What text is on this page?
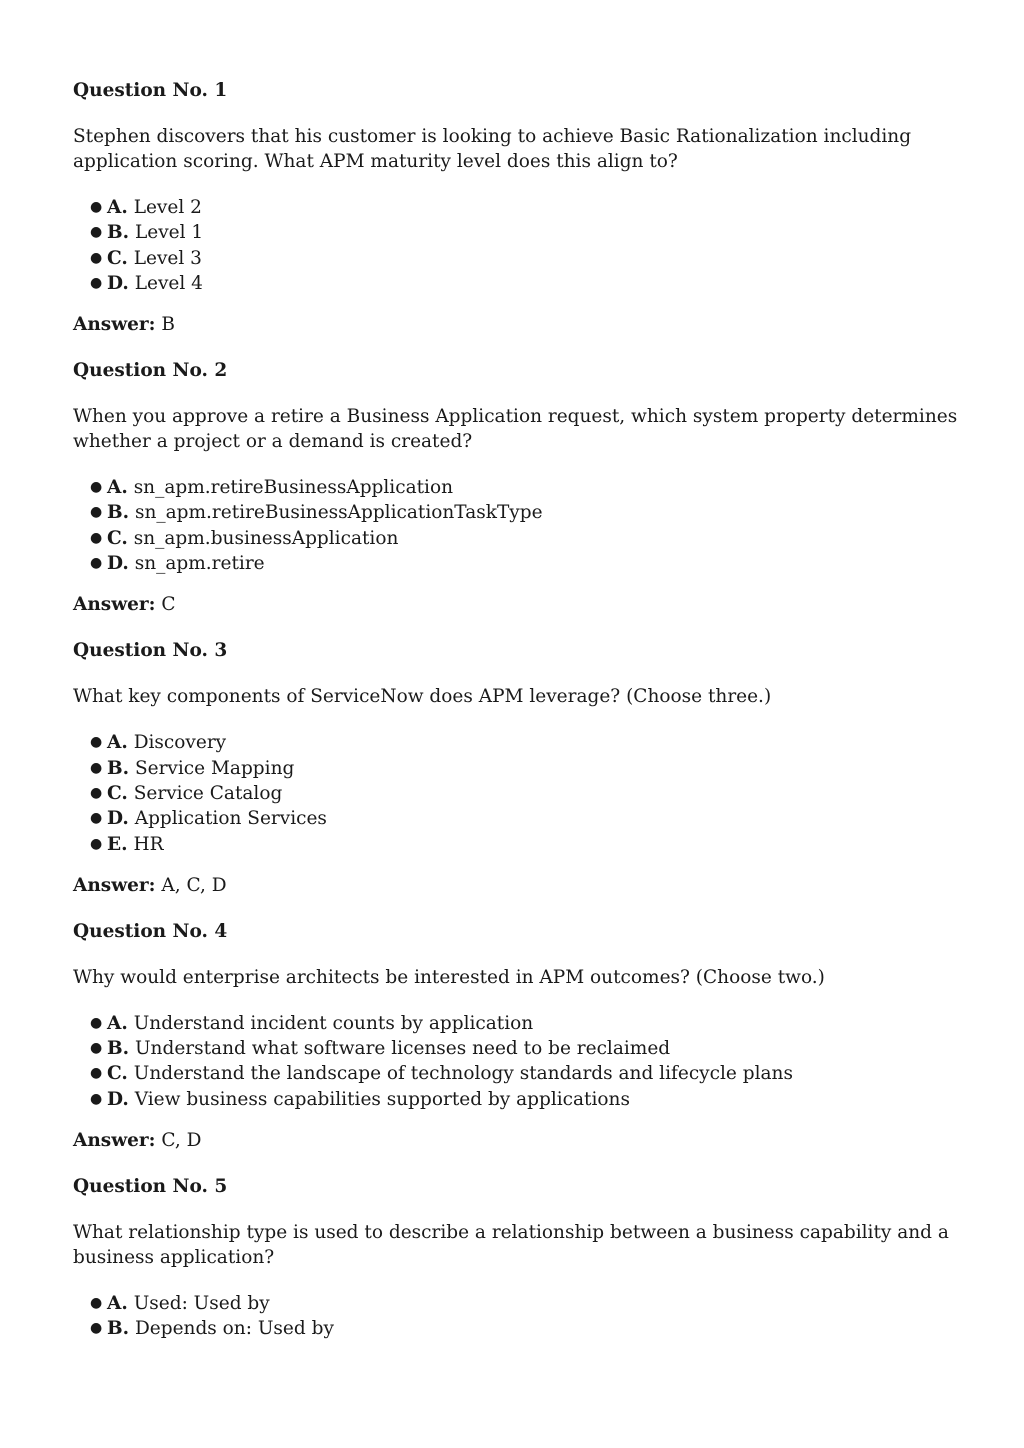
Question No. 1

Stephen discovers that his customer is looking to achieve Basic Rationalization including application scoring. What APM maturity level does this align to?

● A. Level 2
● B. Level 1
● C. Level 3
● D. Level 4

Answer: B

Question No. 2

When you approve a retire a Business Application request, which system property determines whether a project or a demand is created?

● A. sn_apm.retireBusinessApplication
● B. sn_apm.retireBusinessApplicationTaskType
● C. sn_apm.businessApplication
● D. sn_apm.retire

Answer: C

Question No. 3

What key components of ServiceNow does APM leverage? (Choose three.)

● A. Discovery
● B. Service Mapping
● C. Service Catalog
● D. Application Services
● E. HR

Answer: A, C, D

Question No. 4

Why would enterprise architects be interested in APM outcomes? (Choose two.)

● A. Understand incident counts by application
● B. Understand what software licenses need to be reclaimed
● C. Understand the landscape of technology standards and lifecycle plans
● D. View business capabilities supported by applications

Answer: C, D

Question No. 5

What relationship type is used to describe a relationship between a business capability and a business application?

● A. Used: Used by
● B. Depends on: Used by
